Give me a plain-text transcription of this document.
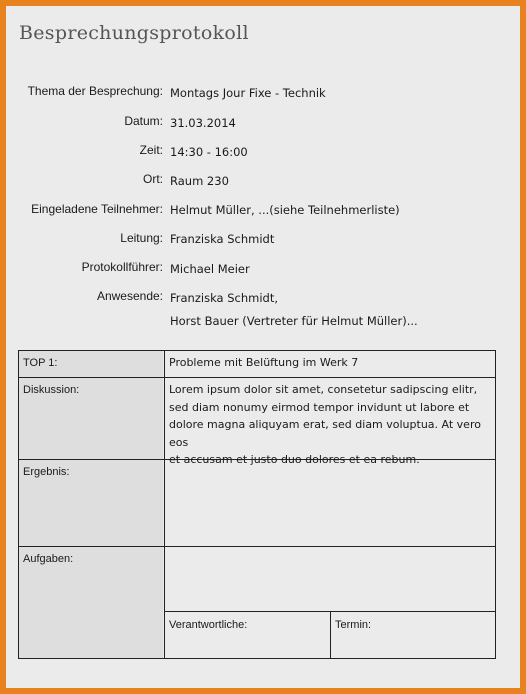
Besprechungsprotokoll
Thema der Besprechung: Montags Jour Fixe - Technik
Datum: 31.03.2014
Zeit: 14:30 - 16:00
Ort: Raum 230
Eingeladene Teilnehmer: Helmut Müller, ...(siehe Teilnehmerliste)
Leitung: Franziska Schmidt
Protokollführer: Michael Meier
Anwesende: Franziska Schmidt,
Horst Bauer (Vertreter für Helmut Müller)...
TOP 1:	Probleme mit Belüftung im Werk 7
Diskussion:	Lorem ipsum dolor sit amet, consetetur sadipscing elitr,
sed diam nonumy eirmod tempor invidunt ut labore et
dolore magna aliquyam erat, sed diam voluptua. At vero eos
et accusam et justo duo dolores et ea rebum.
Ergebnis:
Aufgaben:
Verantwortliche:	Termin:
